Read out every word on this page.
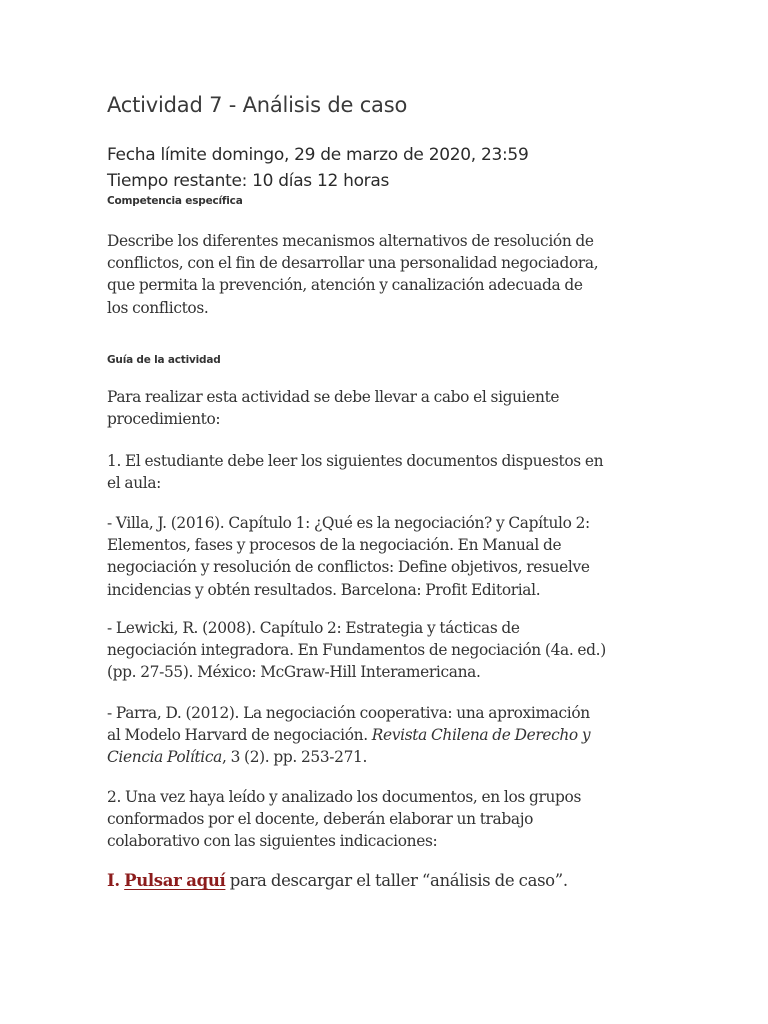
Actividad 7 - Análisis de caso
Fecha límite domingo, 29 de marzo de 2020, 23:59
Tiempo restante: 10 días 12 horas
Competencia específica
Describe los diferentes mecanismos alternativos de resolución de
conflictos, con el fin de desarrollar una personalidad negociadora,
que permita la prevención, atención y canalización adecuada de
los conflictos.
Guía de la actividad
Para realizar esta actividad se debe llevar a cabo el siguiente
procedimiento:
1. El estudiante debe leer los siguientes documentos dispuestos en
el aula:
- Villa, J. (2016). Capítulo 1: ¿Qué es la negociación? y Capítulo 2:
Elementos, fases y procesos de la negociación. En Manual de
negociación y resolución de conflictos: Define objetivos, resuelve
incidencias y obtén resultados. Barcelona: Profit Editorial.
- Lewicki, R. (2008). Capítulo 2: Estrategia y tácticas de
negociación integradora. En Fundamentos de negociación (4a. ed.)
(pp. 27-55). México: McGraw-Hill Interamericana.
- Parra, D. (2012). La negociación cooperativa: una aproximación
al Modelo Harvard de negociación. Revista Chilena de Derecho y
Ciencia Política, 3 (2). pp. 253-271.
2. Una vez haya leído y analizado los documentos, en los grupos
conformados por el docente, deberán elaborar un trabajo
colaborativo con las siguientes indicaciones:
I. Pulsar aquí para descargar el taller “análisis de caso”.
